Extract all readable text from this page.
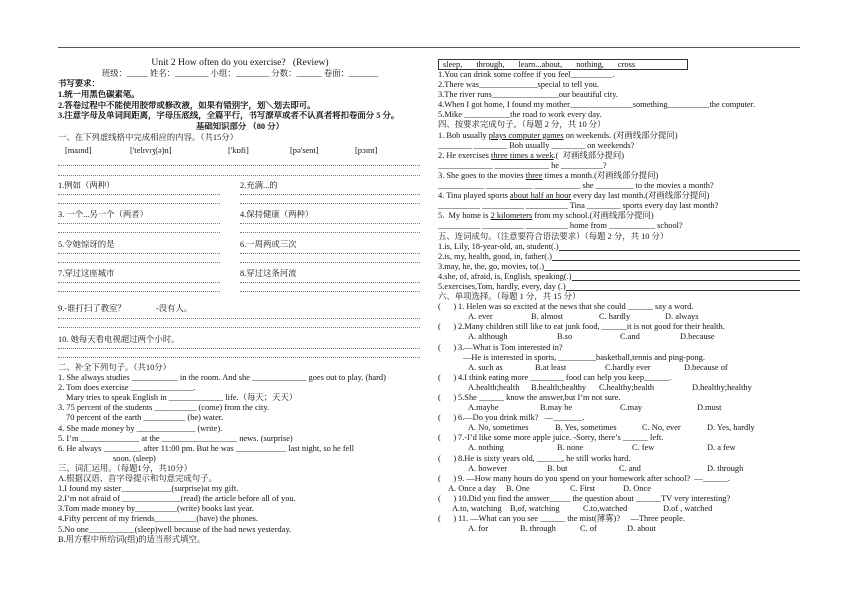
Unit 2 How often do you exercise?   (Review)
班级：_____ 姓名：________ 小组：________ 分数：______ 卷面：_______
书写要求：
1.统一用黑色碳素笔。
2.答卷过程中不能使用胶带或修改液，如果有错别字，划＼划去即可。
3.注意字母及单词间距离，字母压底线，全篇平行，书写潦草或者不认真者将扣卷面分 5 分。
基础知识部分 （80 分）
一、在下列虚线格中完成相应的内容。（共15分）
[maɪnd]	['telɪvɪʒ(ə)n]	['kɒfi]	[pə'sent]	[pɔɪnt]
1.例如（两种）	2.充满...的
3. 一个...另一个（两者）	4.保持健康（两种）
5.令她惊讶的是	6.一周两或三次
7.穿过这座城市	8.穿过这条河流
9.-谁打扫了教室？	-没有人。
10. 她每天看电视超过两个小时。
二、补全下列句子。（共10分）
1. She always studies ___________ in the room. And she _____________ goes out to play. (hard)
2. Tom does exercise _______________.
Mary tries to speak English in _____________ life.（每天；天天）
3. 75 percent of the students __________ (come) from the city.
70 percent of the earth __________ (be) water.
4. She made money by ______________ (write).
5. I’m ______________ at the __________________ news. (surprise)
6. He always _________ after 11:00 pm. But he was ____________ last night, so he fell
soon. (sleep)
三、词汇运用。（每题1分，共10分）
A.根据汉语、首字母提示和句意完成句子。
1.I found my sister____________(surprise)at my gift.
2.I’m not afraid of ______________(read) the article before all of you.
3.Tom made money by__________(write) books last year.
4.Fifty percent of my friends__________(have) the phones.
5.No one___________(sleep)well because of the bad news yesterday.
B.用方框中所给词(组)的适当形式填空。
sleep, through, learn...about, nothing, cross
1.You can drink some coffee if you feel__________.
2.There was______________special to tell you.
3.The river runs________________our beautiful city.
4.When I got home, I found my mother_______________something__________the computer.
5.Mike ___________the road to work every day.
四、按要求完成句子。（每题 2 分，共 10 分）
1. Bob usually plays computer games on weekends. (对画线部分提问)
________ ________ Bob usually ________ on weekends?
2. He exercises three times a week.(  对画线部分提问)
_____________ _____________ he __________?
3. She goes to the movies three times a month.(对画线部分提问)
___________ ___________ ___________ she _________ to the movies a month?
4. Tina played sports about half an hour every day last month.(对画线部分提问)
__________ __________ __________ Tina ________ sports every day last month?
5.  My home is 2 kilometers from my school.(对画线部分提问)
__________ __________ __________ home from ___________ school?
五、连词成句。（注意要符合语法要求）（每题 2 分，共 10 分）
1.is, Lily, 18-year-old, an, student(.)
2.is, my, health, good, in, father(.)
3.may, he, the, go, movies, to(.)
4.she, of, afraid, is, English, speaking(.)
5.exercises,Tom, hardly, every, day (.)
六、单项选择。（每题 1 分，共 15 分）
(      ) 1. Helen was so excited at the news that she could ______ say a word.

A. ever

	B. almost

	C. hardly

	D. always

(      ) 2.Many children still like to eat junk food, ______it is not good for their health.

A. although

	B.so

	C.and

	D.because

(      ) 3.—What is Tom interested in?
—He is interested in sports, _________basketball,tennis and ping-pong.

A. such as

	B.at least

	C.hardly ever

	D.because of

(      ) 4.I think eating more ________ food can help you keep______.

A.health;health

B.health;healthy

C.healthy;health

	D.healthy;healthy

(      ) 5.She ______ know the answer,but I’m not sure.

A.maybe

	B.may be

	C.may

	D.must

(      ) 6.—Do you drink milk?   —_______.

A. No, sometimes

	B. Yes, sometimes

	C. No, ever

	D. Yes, hardly

(      ) 7.-I’d like some more apple juice. -Sorry, there’s ______ left.

A. nothing

	B. none

	C. few

	D. a few

(      ) 8.He is sixty years old, ______, he still works hard.

A. however

	B. but

	C. and

	D. through

(      ) 9. —How many hours do you spend on your homework after school?  —______.

A. Once a day

B. One

	C. First

	D. Once

(      ) 10.Did you find the answer_____ the question about ______TV very interesting?

A.to, watching

B,of, watching

	C.to,watched

	D.of , watched

(      ) 11. —What can you see ______ the mist(薄雾)?     —Three people.

A. for

	B. through

	C. of

	D. about
